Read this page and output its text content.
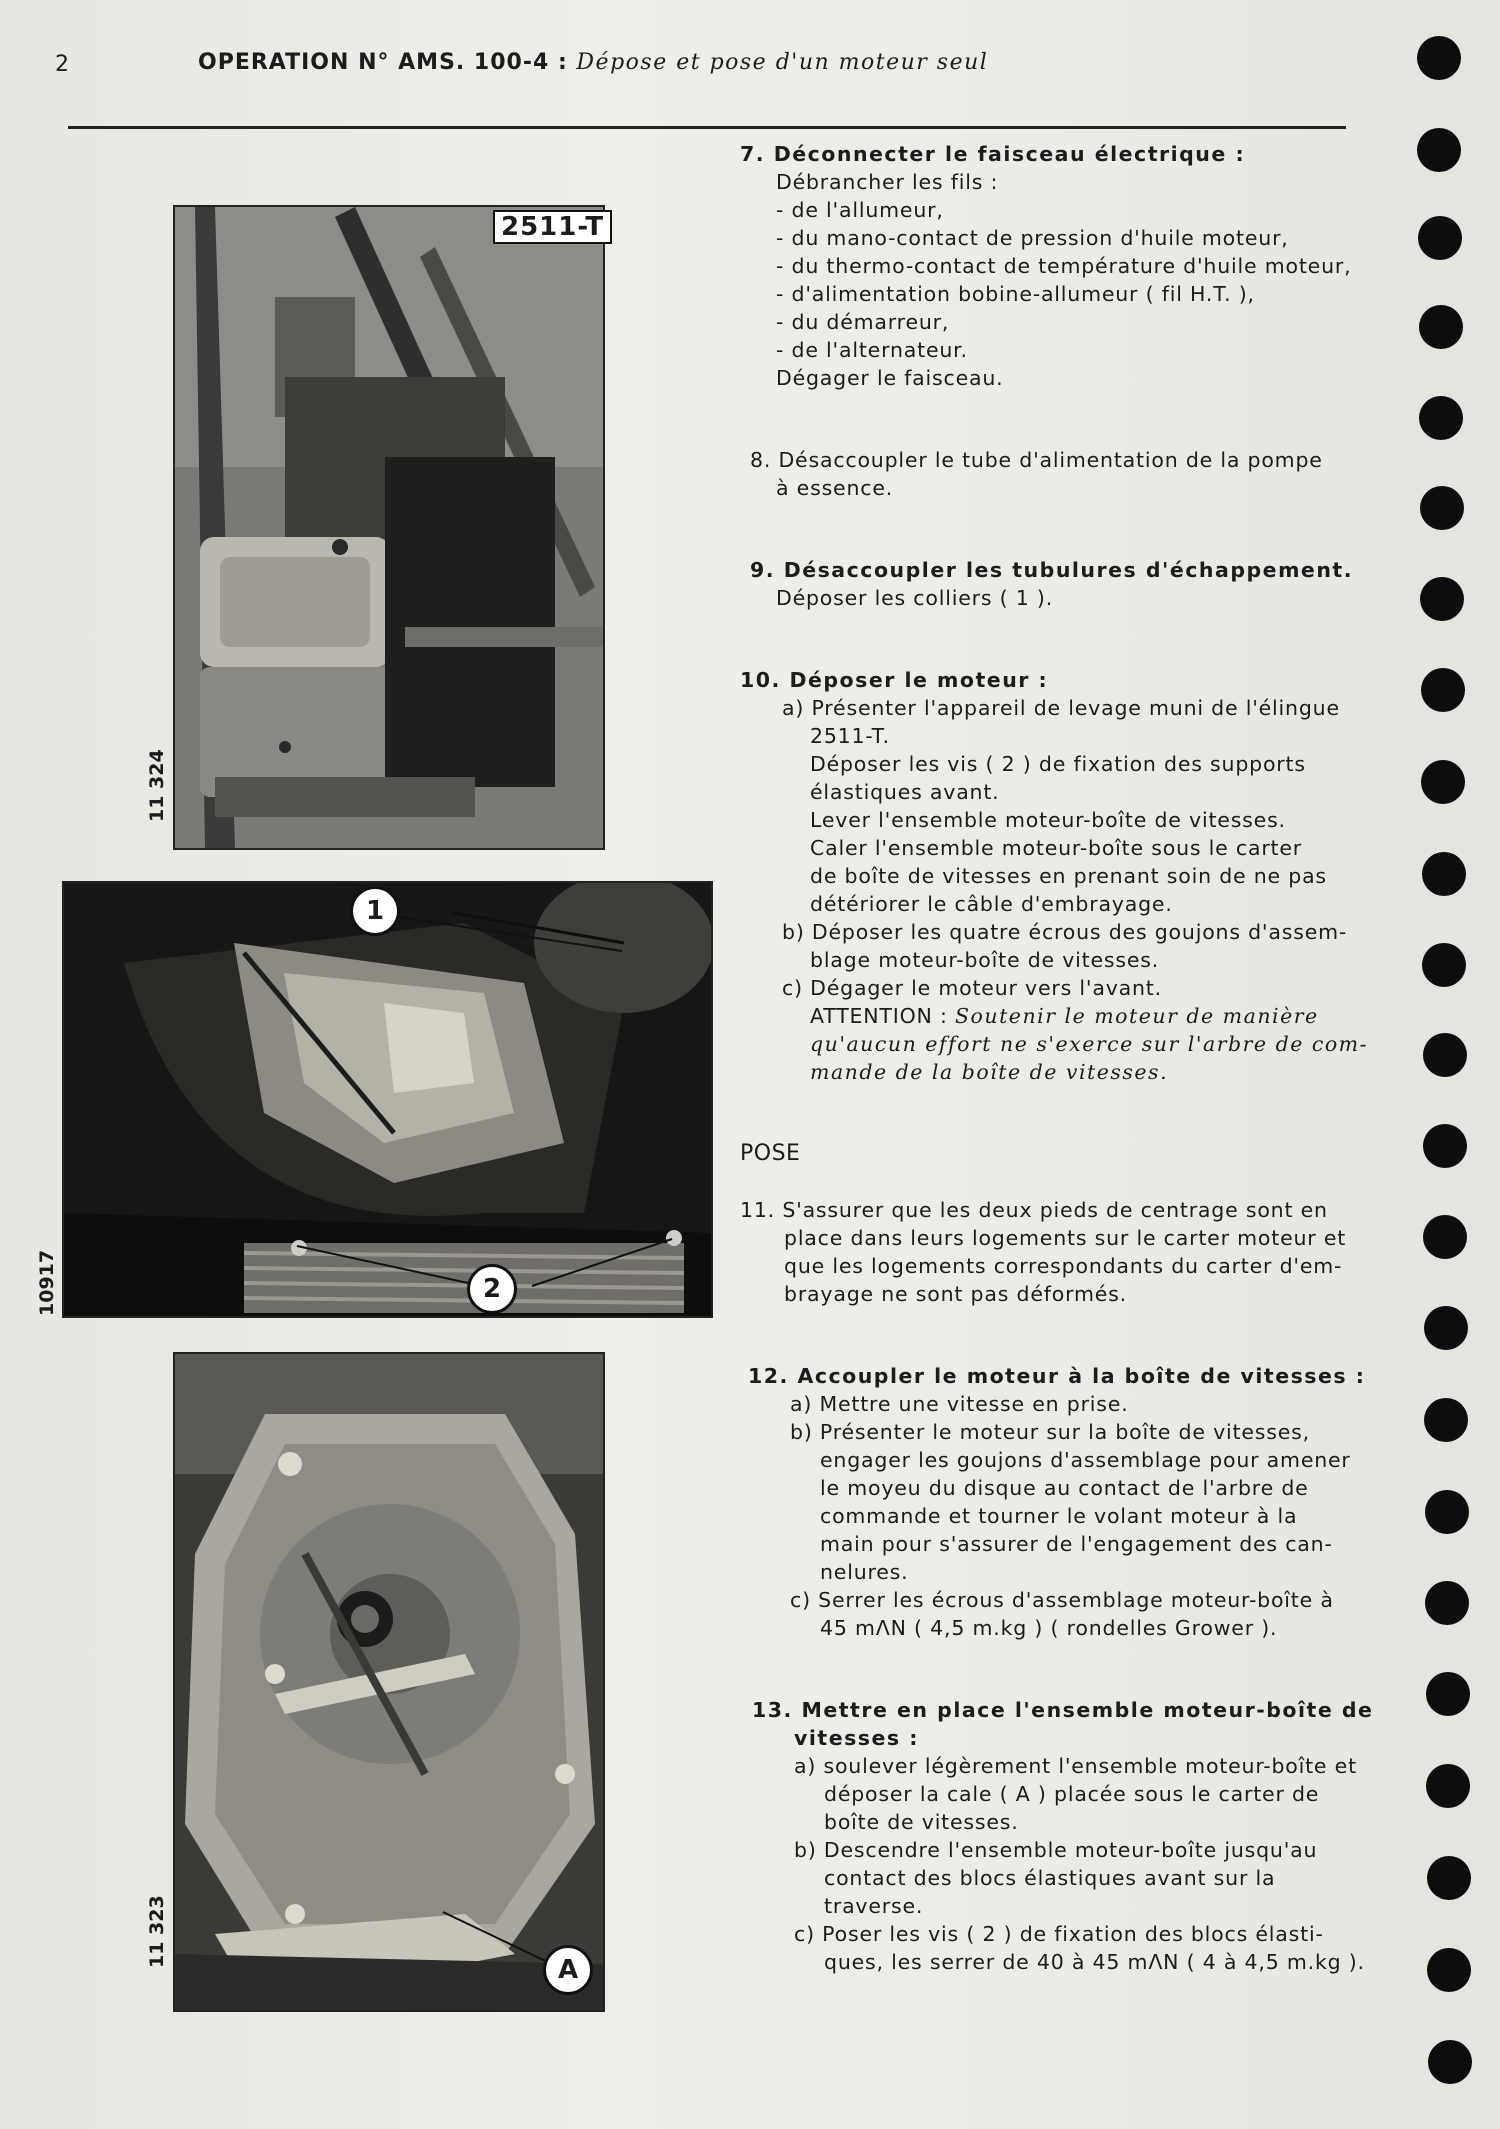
2	OPERATION N° AMS. 100-4 : Dépose et pose d'un moteur seul
2511-T
11 324
1
2
10917
A
11 323
7. Déconnecter le faisceau électrique :
Débrancher les fils :
- de l'allumeur,
- du mano-contact de pression d'huile moteur,
- du thermo-contact de température d'huile moteur,
- d'alimentation bobine-allumeur ( fil H.T. ),
- du démarreur,
- de l'alternateur.
Dégager le faisceau.
8. Désaccoupler le tube d'alimentation de la pompe
à essence.
9. Désaccoupler les tubulures d'échappement.
Déposer les colliers ( 1 ).
10. Déposer le moteur :
a) Présenter l'appareil de levage muni de l'élingue
2511-T.
Déposer les vis ( 2 ) de fixation des supports
élastiques avant.
Lever l'ensemble moteur-boîte de vitesses.
Caler l'ensemble moteur-boîte sous le carter
de boîte de vitesses en prenant soin de ne pas
détériorer le câble d'embrayage.
b) Déposer les quatre écrous des goujons d'assem-
blage moteur-boîte de vitesses.
c) Dégager le moteur vers l'avant.
ATTENTION : Soutenir le moteur de manière
qu'aucun effort ne s'exerce sur l'arbre de com-
mande de la boîte de vitesses.
POSE
11. S'assurer que les deux pieds de centrage sont en
place dans leurs logements sur le carter moteur et
que les logements correspondants du carter d'em-
brayage ne sont pas déformés.
12. Accoupler le moteur à la boîte de vitesses :
a) Mettre une vitesse en prise.
b) Présenter le moteur sur la boîte de vitesses,
engager les goujons d'assemblage pour amener
le moyeu du disque au contact de l'arbre de
commande et tourner le volant moteur à la
main pour s'assurer de l'engagement des can-
nelures.
c) Serrer les écrous d'assemblage moteur-boîte à
45 mΛN ( 4,5 m.kg ) ( rondelles Grower ).
13. Mettre en place l'ensemble moteur-boîte de
vitesses :
a) soulever légèrement l'ensemble moteur-boîte et
déposer la cale ( A ) placée sous le carter de
boîte de vitesses.
b) Descendre l'ensemble moteur-boîte jusqu'au
contact des blocs élastiques avant sur la
traverse.
c) Poser les vis ( 2 ) de fixation des blocs élasti-
ques, les serrer de 40 à 45 mΛN ( 4 à 4,5 m.kg ).
